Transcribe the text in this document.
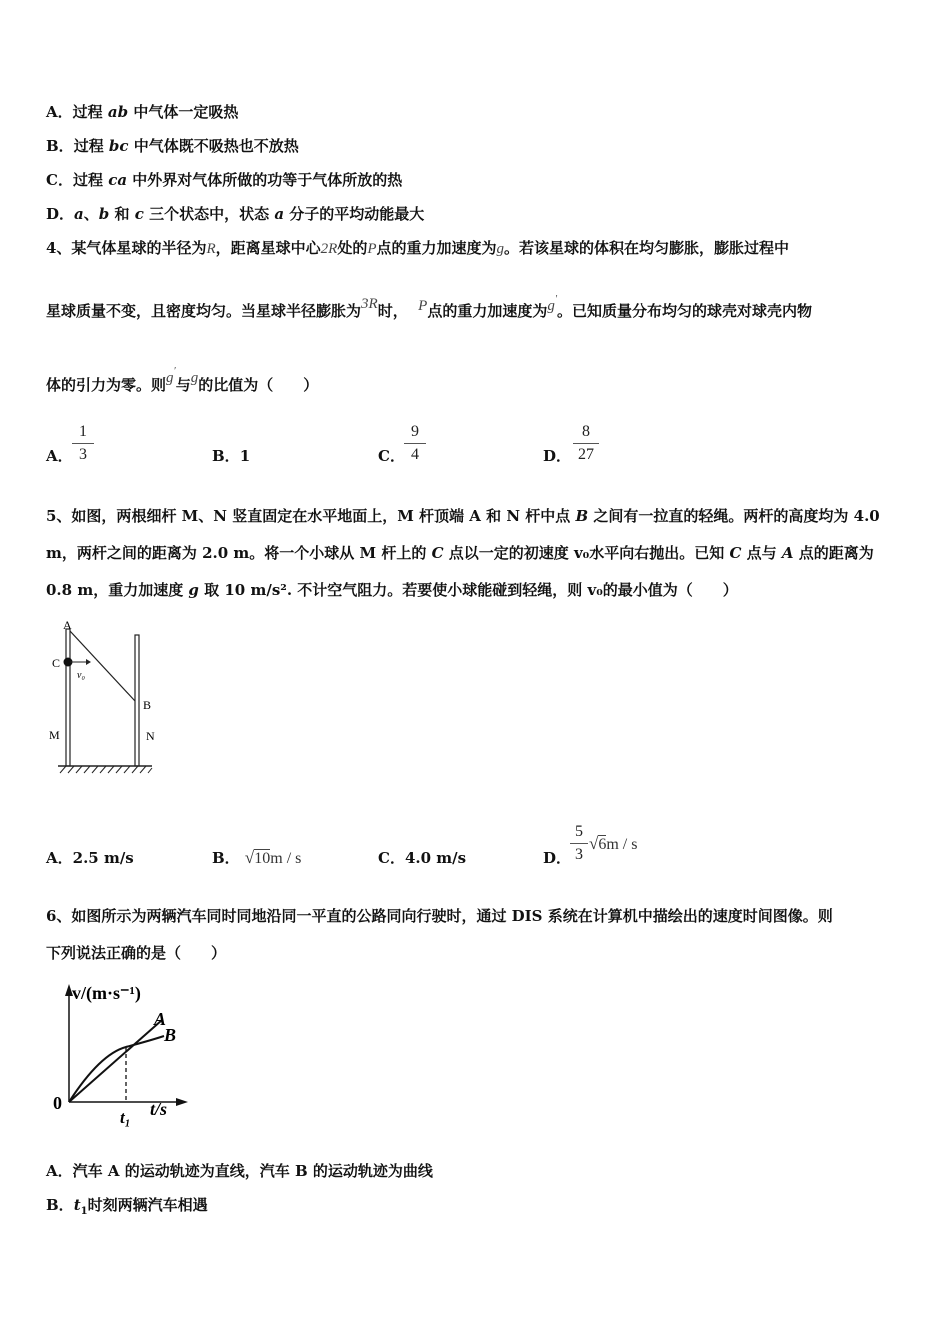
A．过程 ab 中气体一定吸热
B．过程 bc 中气体既不吸热也不放热
C．过程 ca 中外界对气体所做的功等于气体所放的热
D．a、b 和 c 三个状态中，状态 a 分子的平均动能最大
4、某气体星球的半径为R，距离星球中心2R处的P点的重力加速度为g。若该星球的体积在均匀膨胀，膨胀过程中
星球质量不变，且密度均匀。当星球半径膨胀为3R时， P点的重力加速度为g′。已知质量分布均匀的球壳对球壳内物
体的引力为零。则g′与g的比值为（　　）
A．
1
3	B．1	C．
9
4	D．
8
27
5、如图，两根细杆 M、N 竖直固定在水平地面上，M 杆顶端 A 和 N 杆中点 B 之间有一拉直的轻绳。两杆的高度均为 4.0
m，两杆之间的距离为 2.0 m。将一个小球从 M 杆上的 C 点以一定的初速度 v₀水平向右抛出。已知 C 点与 A 点的距离为
0.8 m，重力加速度 g 取 10 m/s². 不计空气阻力。若要使小球能碰到轻绳，则 v₀的最小值为（　　）
A
C
v₀
B
M	N
A．2.5 m/s	B． √10m / s	C．4.0 m/s	D．
5
3
√6m / s
6、如图所示为两辆汽车同时同地沿同一平直的公路同向行驶时，通过 DIS 系统在计算机中描绘出的速度时间图像。则
下列说法正确的是（　　）
v/(m·s⁻¹)
t/s
0
A
B
t₁
A．汽车 A 的运动轨迹为直线，汽车 B 的运动轨迹为曲线
B．$t_1$时刻两辆汽车相遇
